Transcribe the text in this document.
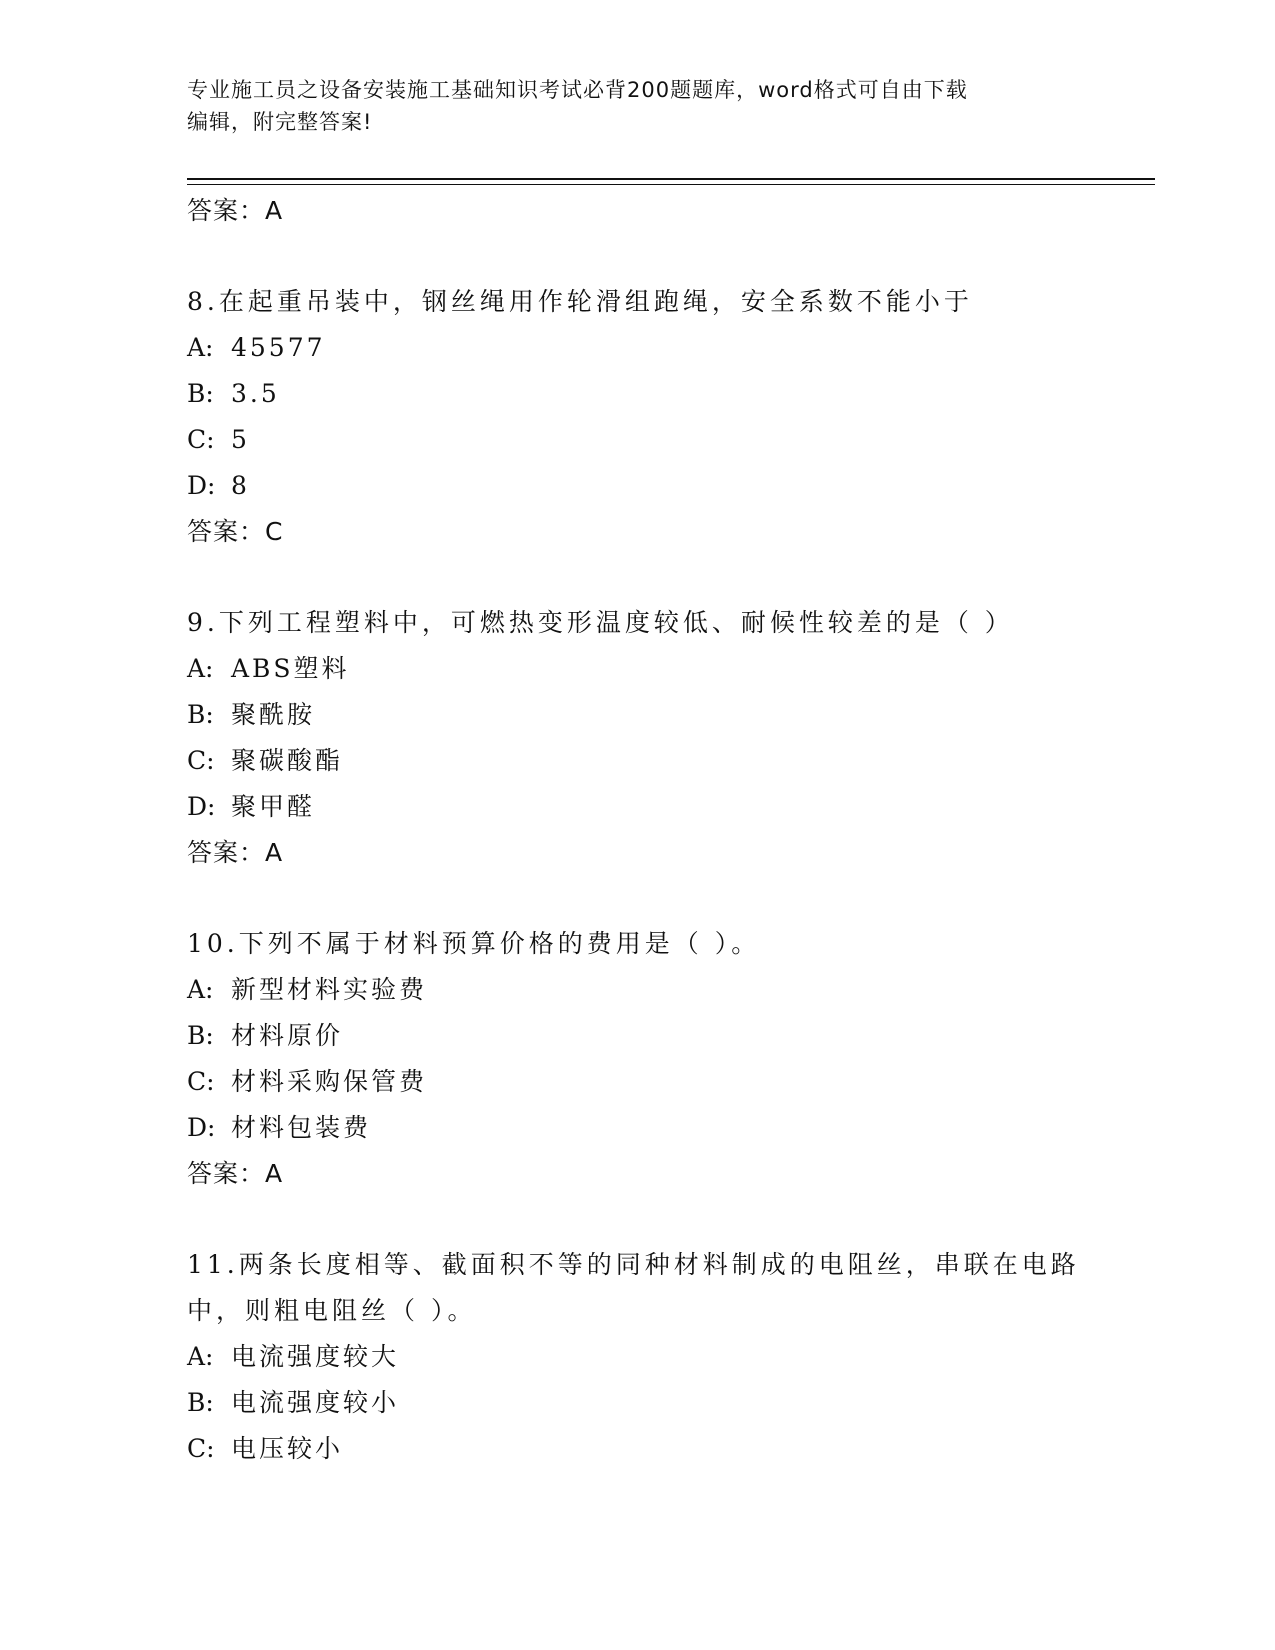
专业施工员之设备安装施工基础知识考试必背200题题库，word格式可自由下载
编辑，附完整答案!
答案：A
8.在起重吊装中，钢丝绳用作轮滑组跑绳，安全系数不能小于
A: 45577
B: 3.5
C: 5
D: 8
答案：C
9.下列工程塑料中，可燃热变形温度较低、耐候性较差的是（ ）
A: ABS塑料
B: 聚酰胺
C: 聚碳酸酯
D: 聚甲醛
答案：A
10.下列不属于材料预算价格的费用是（ ）。
A: 新型材料实验费
B: 材料原价
C: 材料采购保管费
D: 材料包装费
答案：A
11.两条长度相等、截面积不等的同种材料制成的电阻丝，串联在电路
中，则粗电阻丝（ ）。
A: 电流强度较大
B: 电流强度较小
C: 电压较小
